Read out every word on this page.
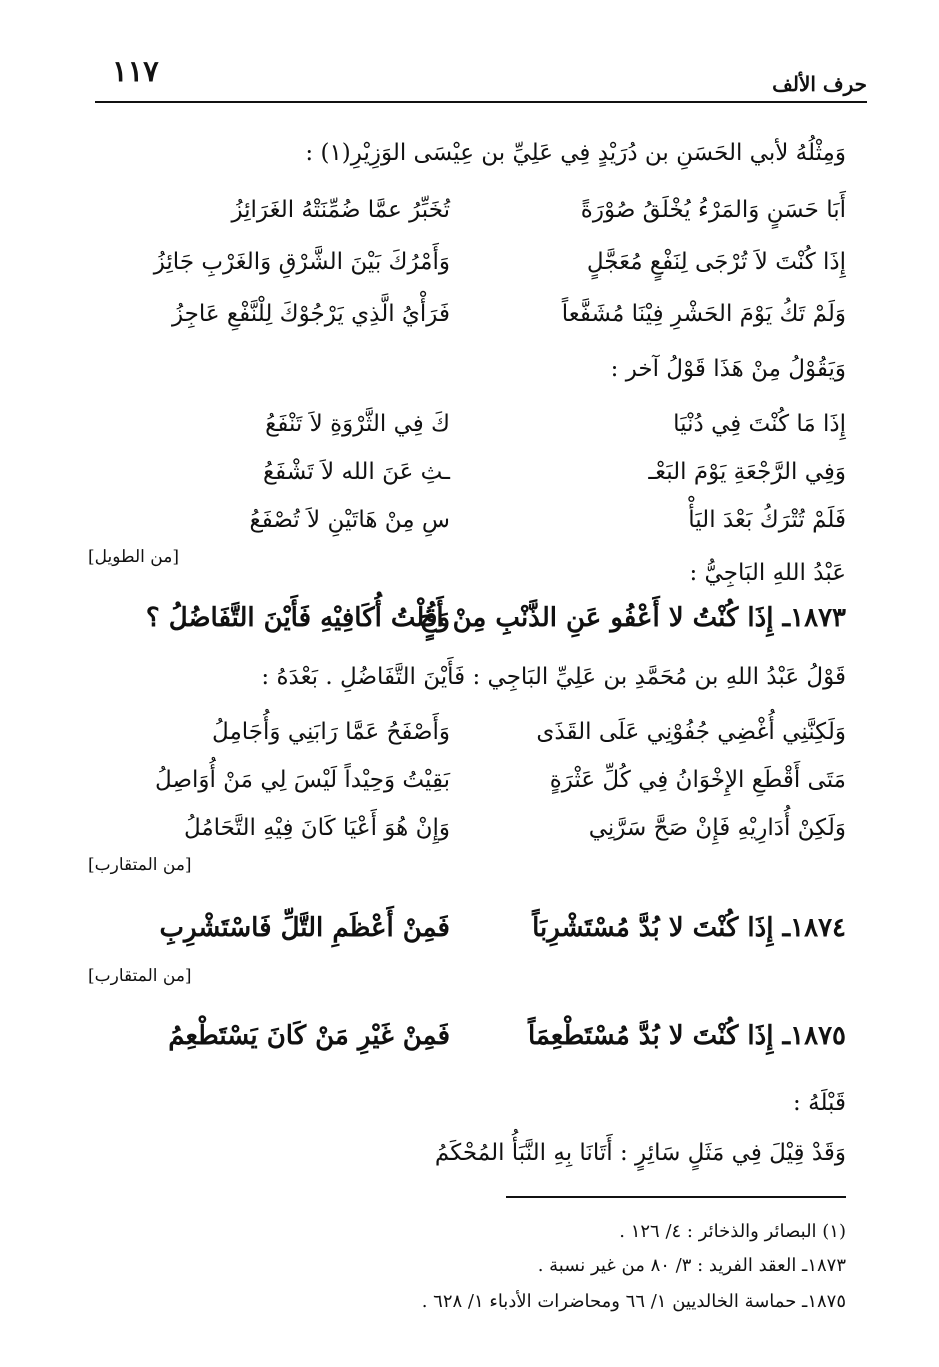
١١٧	حرف الألف
وَمِثْلُهُ لأبي الحَسَنِ بن دُرَيْدٍ فِي عَلِيِّ بن عِيْسَى الوَزِيْرِ(١) :
أَبَا حَسَنٍ وَالمَرْءُ يُخْلَقُ صُوْرَةً
تُخَبِّرُ عمَّا ضُمِّنَتْهُ الغَرَائِزُ
إِذَا كُنْتَ لاَ تُرْجَى لِنَفْعٍ مُعَجَّلٍ
وَأَمْرُكَ بَيْنَ الشَّرْقِ وَالغَرْبِ جَائِزُ
وَلَمْ تَكُ يَوْمَ الحَشْرِ فِيْنَا مُشَفَّعاً
فَرَأْيُ الَّذِي يَرْجُوْكَ لِلْنَّفْعِ عَاجِزُ
وَيَقُوْلُ مِنْ هَذَا قَوْلُ آخر :
إِذَا مَا كُنْتَ فِي دُنْيَا
كَ فِي الثَّرْوَةِ لاَ تَنْفَعُ
وَفِي الرَّجْعَةِ يَوْمَ البَعْـ
ـثِ عَنَ الله لاَ تَشْفَعُ
فَلَمْ تُتْرَكُ بَعْدَ اليَأْ
سِ مِنْ هَاتَيْنِ لاَ تُصْفَعُ
[من الطويل]
عَبْدُ اللهِ البَاجِيُّ :
١٨٧٣ـ إِذَا كُنْتُ لا أَعْفُو عَنِ الذَّنْبِ مِنْ أَخٍ
وَقُلْتُ أُكَافِيْهِ فَأَيْنَ التَّفَاضُلُ ؟
قَوْلُ عَبْدُ اللهِ بن مُحَمَّدِ بن عَلِيِّ البَاجِي : فَأَيْنَ التَّفَاضُلِ . بَعْدَهُ :
وَلَكِنَّنِي أُغْضِي جُفُوْنِي عَلَى القَذَى
وَأَصْفَحُ عَمَّا رَابَنِي وَأُجَامِلُ
مَتَى أَقْطَعِ الإِخْوَانُ فِي كُلِّ عَثْرَةٍ
بَقِيْتُ وَحِيْداً لَيْسَ لِي مَنْ أُوَاصِلُ
وَلَكِنْ أُدَارِيْهِ فَإِنْ صَحَّ سَرَّنِي
وَإِنْ هُوَ أَعْيَا كَانَ فِيْهِ التَّحَامُلُ
[من المتقارب]
١٨٧٤ـ إِذَا كُنْتَ لا بُدَّ مُسْتَشْرِبَاً
فَمِنْ أَعْظَمِ التَّلِّ فَاسْتَشْرِبِ
[من المتقارب]
١٨٧٥ـ إِذَا كُنْتَ لا بُدَّ مُسْتَطْعِمَاً
فَمِنْ غَيْرِ مَنْ كَانَ يَسْتَطْعِمُ
قَبْلَهُ :
وَقَدْ قِيْلَ فِي مَثَلٍ سَائِرٍ : أَتَانَا بِهِ النَّبَأُ المُحْكَمُ
(١) البصائر والذخائر : ٤/ ١٢٦ .
١٨٧٣ـ العقد الفريد : ٣/ ٨٠ من غير نسبة .
١٨٧٥ـ حماسة الخالديين ١/ ٦٦ ومحاضرات الأدباء ١/ ٦٢٨ .
